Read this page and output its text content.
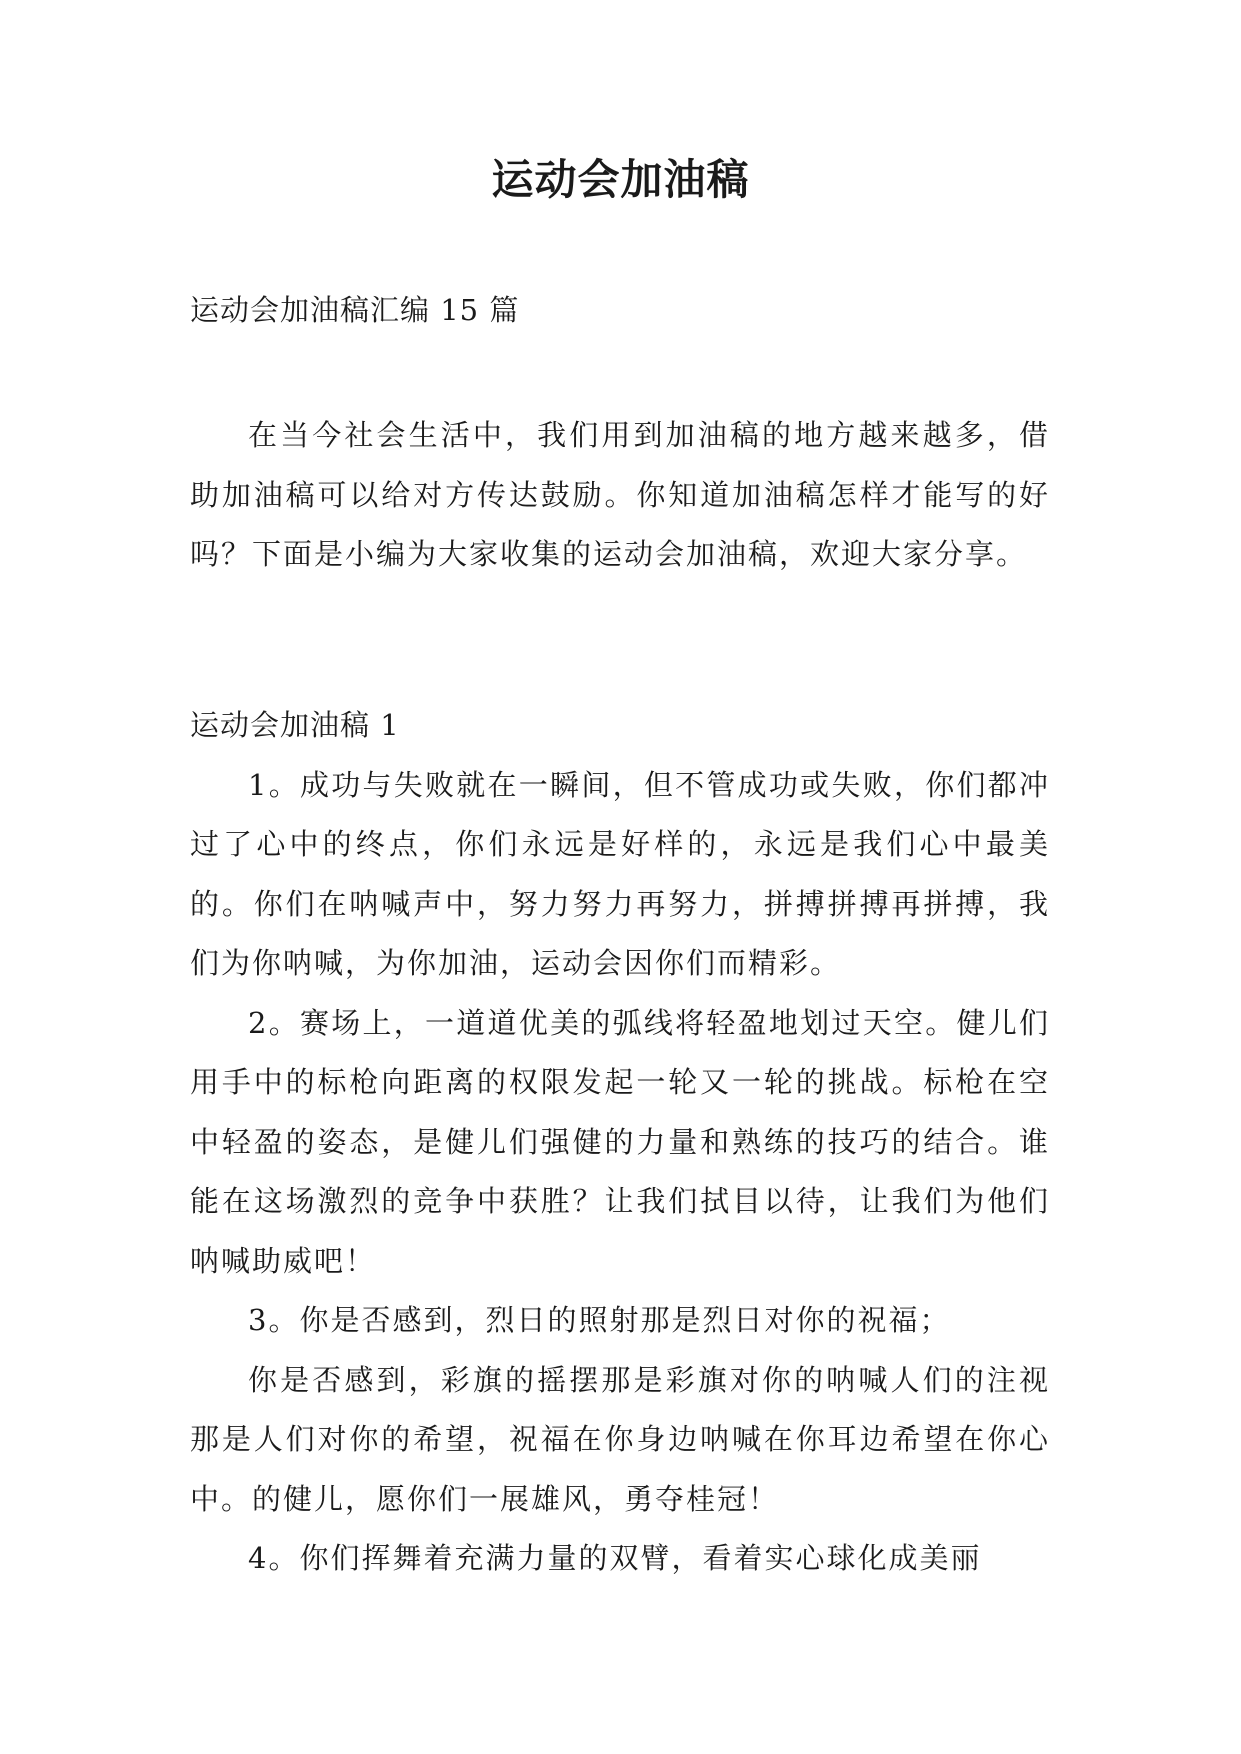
运动会加油稿

运动会加油稿汇编 15 篇

在当今社会生活中，我们用到加油稿的地方越来越多，借助加油稿可以给对方传达鼓励。你知道加油稿怎样才能写的好吗？下面是小编为大家收集的运动会加油稿，欢迎大家分享。

运动会加油稿 1

1。成功与失败就在一瞬间，但不管成功或失败，你们都冲过了心中的终点，你们永远是好样的，永远是我们心中最美的。你们在呐喊声中，努力努力再努力，拼搏拼搏再拼搏，我们为你呐喊，为你加油，运动会因你们而精彩。

2。赛场上，一道道优美的弧线将轻盈地划过天空。健儿们用手中的标枪向距离的权限发起一轮又一轮的挑战。标枪在空中轻盈的姿态，是健儿们强健的力量和熟练的技巧的结合。谁能在这场激烈的竞争中获胜？让我们拭目以待，让我们为他们呐喊助威吧！

3。你是否感到，烈日的照射那是烈日对你的祝福；

你是否感到，彩旗的摇摆那是彩旗对你的呐喊人们的注视那是人们对你的希望，祝福在你身边呐喊在你耳边希望在你心中。的健儿，愿你们一展雄风，勇夺桂冠！

4。你们挥舞着充满力量的双臂，看着实心球化成美丽
